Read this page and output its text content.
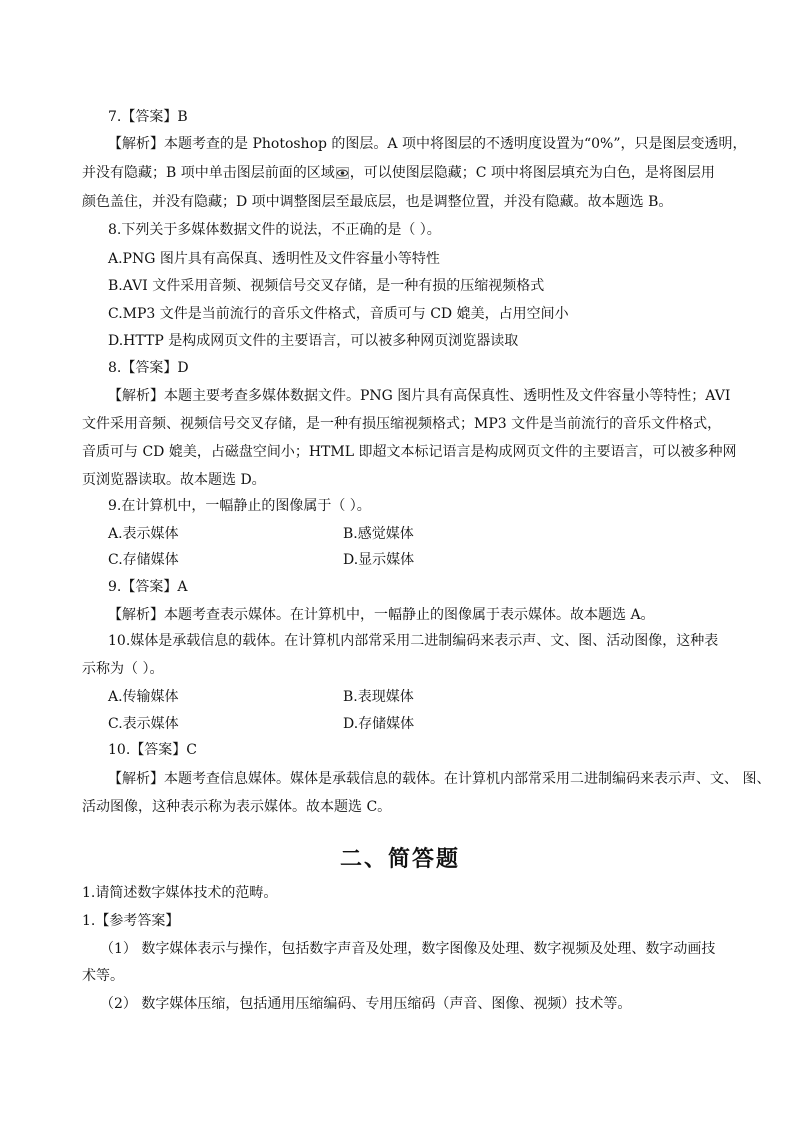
7.【答案】B
【解析】本题考查的是 Photoshop 的图层。A 项中将图层的不透明度设置为“0%”，只是图层变透明，
并没有隐藏；B 项中单击图层前面的区域 ，可以使图层隐藏；C 项中将图层填充为白色，是将图层用
颜色盖住，并没有隐藏；D 项中调整图层至最底层，也是调整位置，并没有隐藏。故本题选 B。
8.下列关于多媒体数据文件的说法，不正确的是（ ）。
A.PNG 图片具有高保真、透明性及文件容量小等特性
B.AVI 文件采用音频、视频信号交叉存储，是一种有损的压缩视频格式
C.MP3 文件是当前流行的音乐文件格式，音质可与 CD 媲美，占用空间小
D.HTTP 是构成网页文件的主要语言，可以被多种网页浏览器读取
8.【答案】D
【解析】本题主要考查多媒体数据文件。PNG 图片具有高保真性、透明性及文件容量小等特性；AVI
文件采用音频、视频信号交叉存储，是一种有损压缩视频格式；MP3 文件是当前流行的音乐文件格式，
音质可与 CD 媲美，占磁盘空间小；HTML 即超文本标记语言是构成网页文件的主要语言，可以被多种网
页浏览器读取。故本题选 D。
9.在计算机中，一幅静止的图像属于（ ）。
A.表示媒体	B.感觉媒体
C.存储媒体	D.显示媒体
9.【答案】A
【解析】本题考查表示媒体。在计算机中，一幅静止的图像属于表示媒体。故本题选 A。
10.媒体是承载信息的载体。在计算机内部常采用二进制编码来表示声、文、图、活动图像，这种表
示称为（ ）。
A.传输媒体	B.表现媒体
C.表示媒体	D.存储媒体
10.【答案】C
【解析】本题考查信息媒体。媒体是承载信息的载体。在计算机内部常采用二进制编码来表示声、文、 图、
活动图像，这种表示称为表示媒体。故本题选 C。
二、简答题
1.请简述数字媒体技术的范畴。
1.【参考答案】
（1） 数字媒体表示与操作，包括数字声音及处理，数字图像及处理、数字视频及处理、数字动画技
术等。
（2） 数字媒体压缩，包括通用压缩编码、专用压缩码（声音、图像、视频）技术等。
